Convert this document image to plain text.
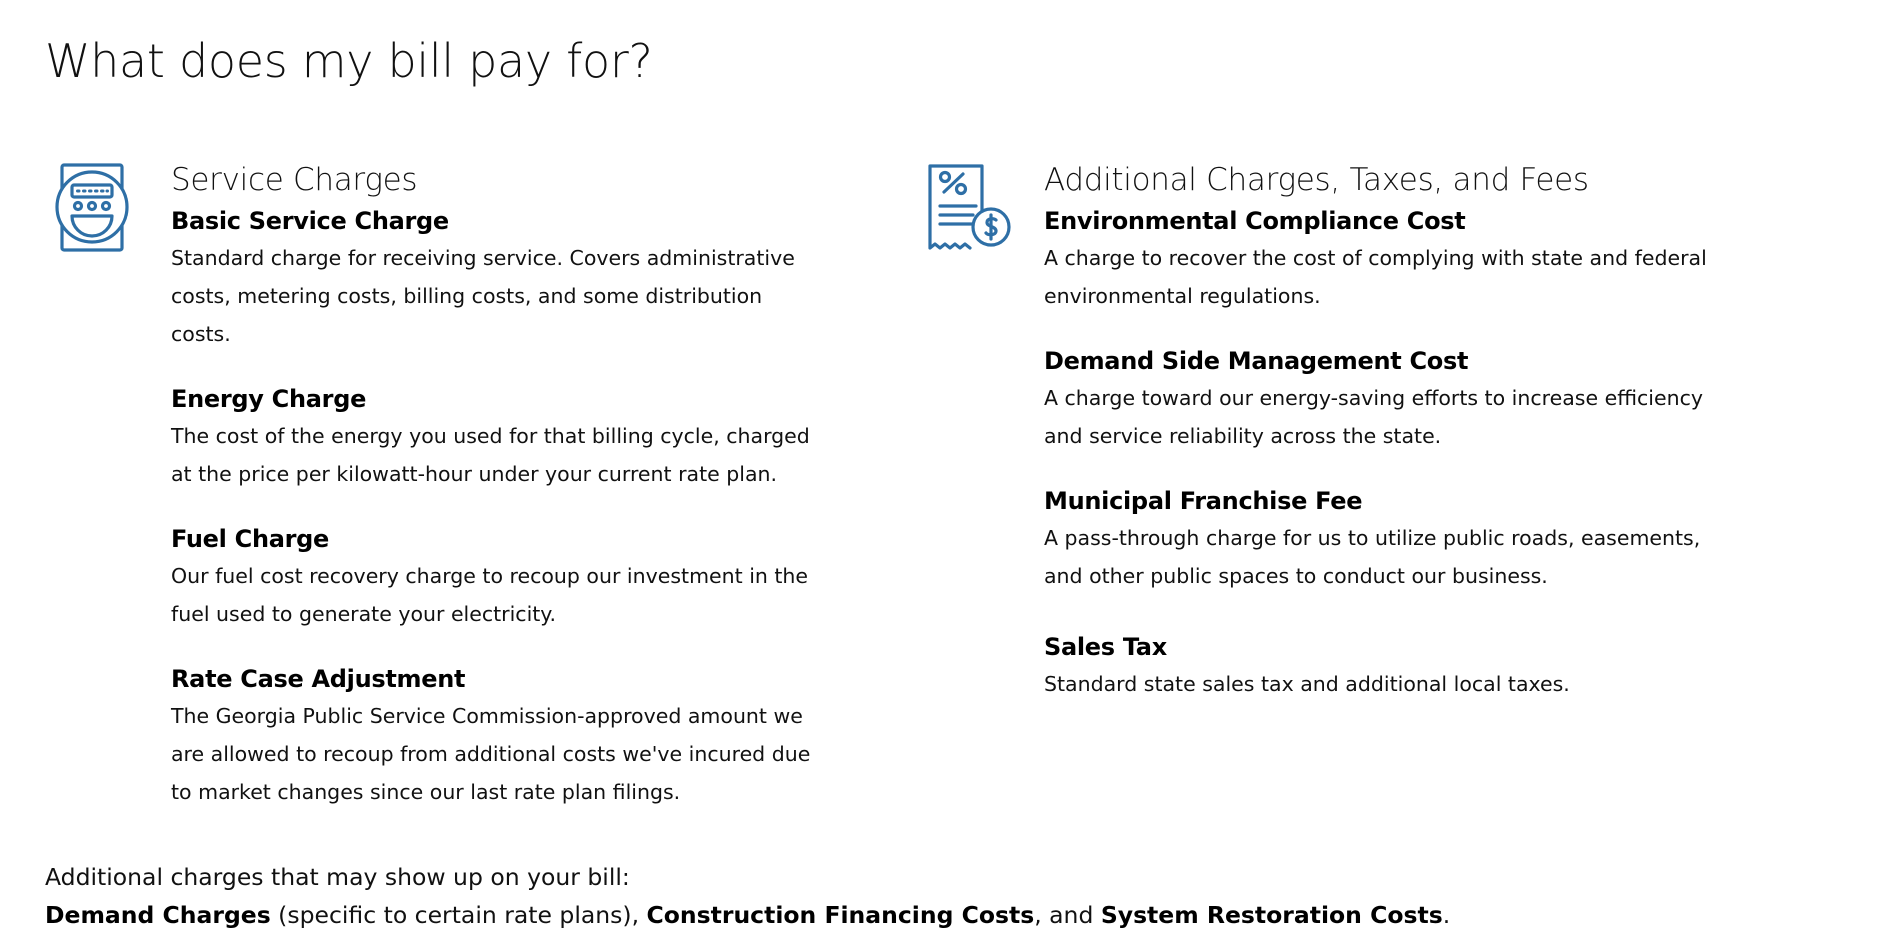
What does my bill pay for?
Service Charges
Basic Service Charge

Standard charge for receiving service. Covers administrative costs, metering costs, billing costs, and some distribution costs.

Energy Charge

The cost of the energy you used for that billing cycle, charged at the price per kilowatt-hour under your current rate plan.

Fuel Charge

Our fuel cost recovery charge to recoup our investment in the fuel used to generate your electricity.

Rate Case Adjustment

The Georgia Public Service Commission-approved amount we are allowed to recoup from additional costs we've incured due to market changes since our last rate plan filings.

Additional Charges, Taxes, and Fees
Environmental Compliance Cost

A charge to recover the cost of complying with state and federal environmental regulations.

Demand Side Management Cost

A charge toward our energy-saving efforts to increase efficiency and service reliability across the state.

Municipal Franchise Fee

A pass-through charge for us to utilize public roads, easements, and other public spaces to conduct our business.

Sales Tax

Standard state sales tax and additional local taxes.

Additional charges that may show up on your bill:
Demand Charges (specific to certain rate plans), Construction Financing Costs, and System Restoration Costs.
